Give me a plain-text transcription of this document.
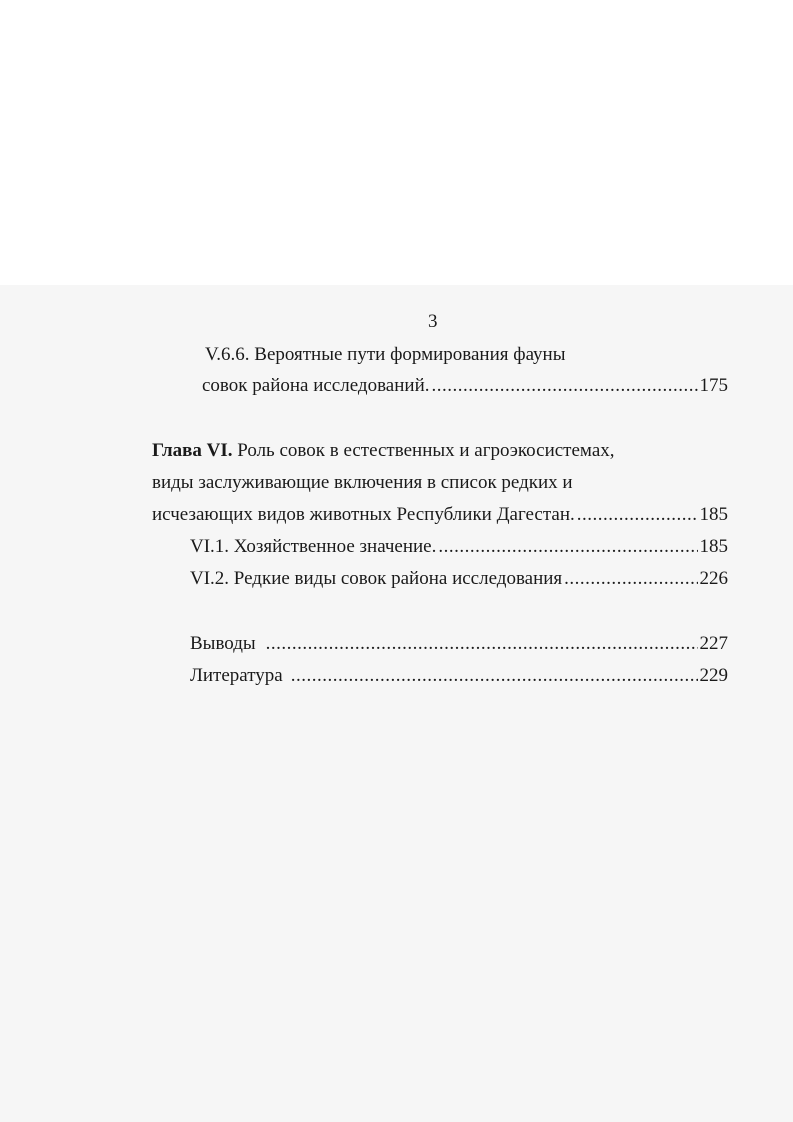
3
V.6.6. Вероятные пути формирования фауны
совок района исследований. .....	175
Глава VI. Роль совок в естественных и агроэкосистемах,
виды заслуживающие включения в список редких и
исчезающих видов животных Республики Дагестан. .....	185
VI.1. Хозяйственное значение. .....	185
VI.2. Редкие виды совок района исследования .....	226
Выводы .....	227
Литература .....	229
